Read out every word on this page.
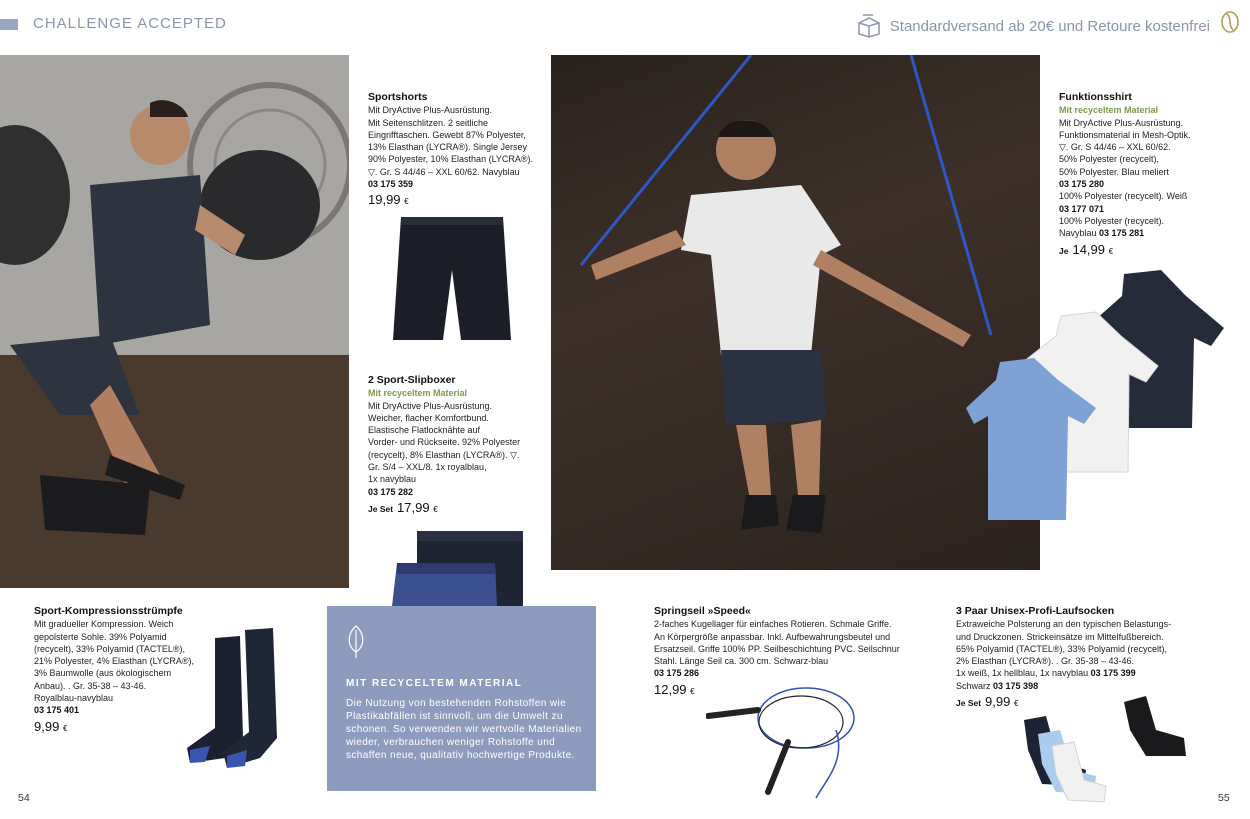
CHALLENGE ACCEPTED	Standardversand ab 20€ und Retoure kostenfrei
Sportshorts
Mit DryActive Plus-Ausrüstung.
Mit Seitenschlitzen. 2 seitliche
Eingrifftaschen. Gewebt 87% Polyester,
13% Elasthan (LYCRA®). Single Jersey
90% Polyester, 10% Elasthan (LYCRA®).
▽. Gr. S 44/46 – XXL 60/62. Navyblau
03 175 359
19,99 €
2 Sport-Slipboxer
Mit recyceltem Material
Mit DryActive Plus-Ausrüstung.
Weicher, flacher Komfortbund.
Elastische Flatlocknähte auf
Vorder- und Rückseite. 92% Polyester
(recycelt), 8% Elasthan (LYCRA®). ▽.
Gr. S/4 – XXL/8. 1x royalblau,
1x navyblau
03 175 282
Je Set 17,99 €
Funktionsshirt
Mit recyceltem Material
Mit DryActive Plus-Ausrüstung.
Funktionsmaterial in Mesh-Optik.
▽. Gr. S 44/46 – XXL 60/62.
50% Polyester (recycelt),
50% Polyester. Blau meliert
03 175 280
100% Polyester (recycelt). Weiß
03 177 071
100% Polyester (recycelt).
Navyblau 03 175 281
Je 14,99 €
Sport-Kompressionsstrümpfe
Mit gradueller Kompression. Weich
gepolsterte Sohle. 39% Polyamid
(recycelt), 33% Polyamid (TACTEL®),
21% Polyester, 4% Elasthan (LYCRA®),
3% Baumwolle (aus ökologischem
Anbau). . Gr. 35-38 – 43-46.
Royalblau-navyblau
03 175 401
9,99 €
Springseil »Speed«
2-faches Kugellager für einfaches Rotieren. Schmale Griffe.
An Körpergröße anpassbar. Inkl. Aufbewahrungsbeutel und
Ersatzseil. Griffe 100% PP. Seilbeschichtung PVC. Seilschnur
Stahl. Länge Seil ca. 300 cm. Schwarz-blau
03 175 286
12,99 €
3 Paar Unisex-Profi-Laufsocken
Extraweiche Polsterung an den typischen Belastungs-
und Druckzonen. Strickeinsätze im Mittelfußbereich.
65% Polyamid (TACTEL®), 33% Polyamid (recycelt),
2% Elasthan (LYCRA®). . Gr. 35-38 – 43-46.
1x weiß, 1x hellblau, 1x navyblau 03 175 399
Schwarz 03 175 398
Je Set 9,99 €
MIT RECYCELTEM MATERIAL
Die Nutzung von bestehenden Rohstoffen wie Plastikabfällen ist sinnvoll, um die Umwelt zu schonen. So verwenden wir wertvolle Materialien wieder, verbrauchen weniger Rohstoffe und schaffen neue, qualitativ hochwertige Produkte.
54	55
